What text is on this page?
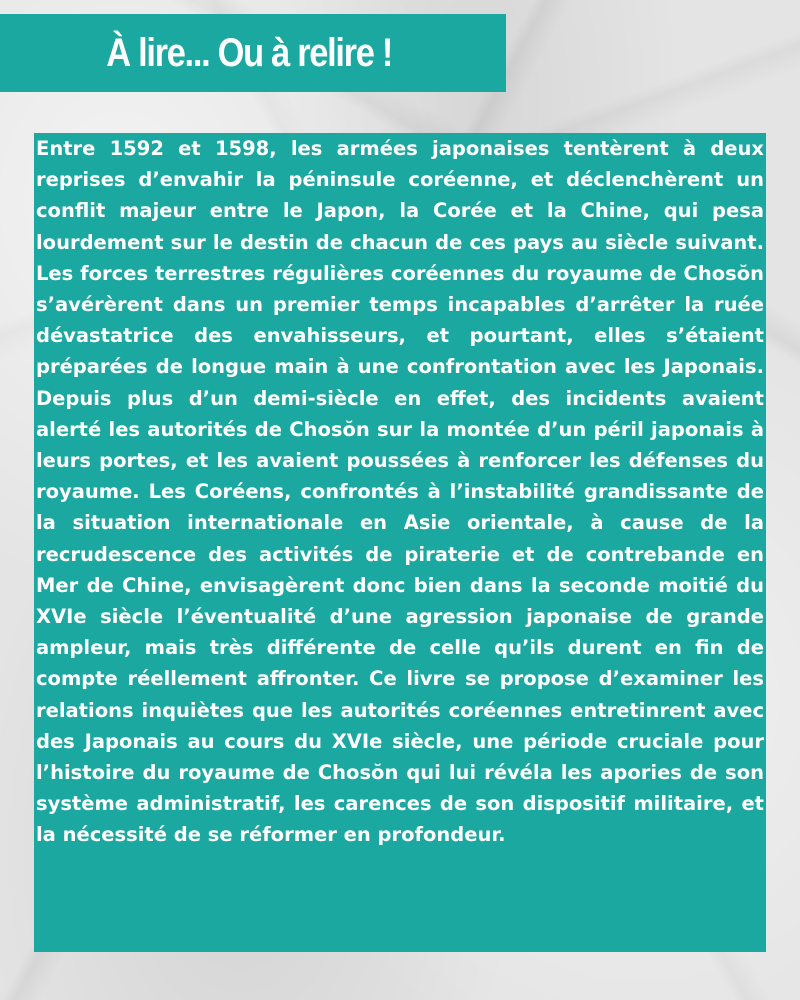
À lire... Ou à relire !

Entre 1592 et 1598, les armées japonaises tentèrent à deux reprises d’envahir la péninsule coréenne, et déclenchèrent un conflit majeur entre le Japon, la Corée et la Chine, qui pesa lourdement sur le destin de chacun de ces pays au siècle suivant. Les forces terrestres régulières coréennes du royaume de Chosŏn s’avérèrent dans un premier temps incapables d’arrêter la ruée dévastatrice des envahisseurs, et pourtant, elles s’étaient préparées de longue main à une confrontation avec les Japonais. Depuis plus d’un demi-siècle en effet, des incidents avaient alerté les autorités de Chosŏn sur la montée d’un péril japonais à leurs portes, et les avaient poussées à renforcer les défenses du royaume. Les Coréens, confrontés à l’instabilité grandissante de la situation internationale en Asie orientale, à cause de la recrudescence des activités de piraterie et de contrebande en Mer de Chine, envisagèrent donc bien dans la seconde moitié du XVIe siècle l’éventualité d’une agression japonaise de grande ampleur, mais très différente de celle qu’ils durent en fin de compte réellement affronter. Ce livre se propose d’examiner les relations inquiètes que les autorités coréennes entretinrent avec des Japonais au cours du XVIe siècle, une période cruciale pour l’histoire du royaume de Chosŏn qui lui révéla les apories de son système administratif, les carences de son dispositif militaire, et la nécessité de se réformer en profondeur.
